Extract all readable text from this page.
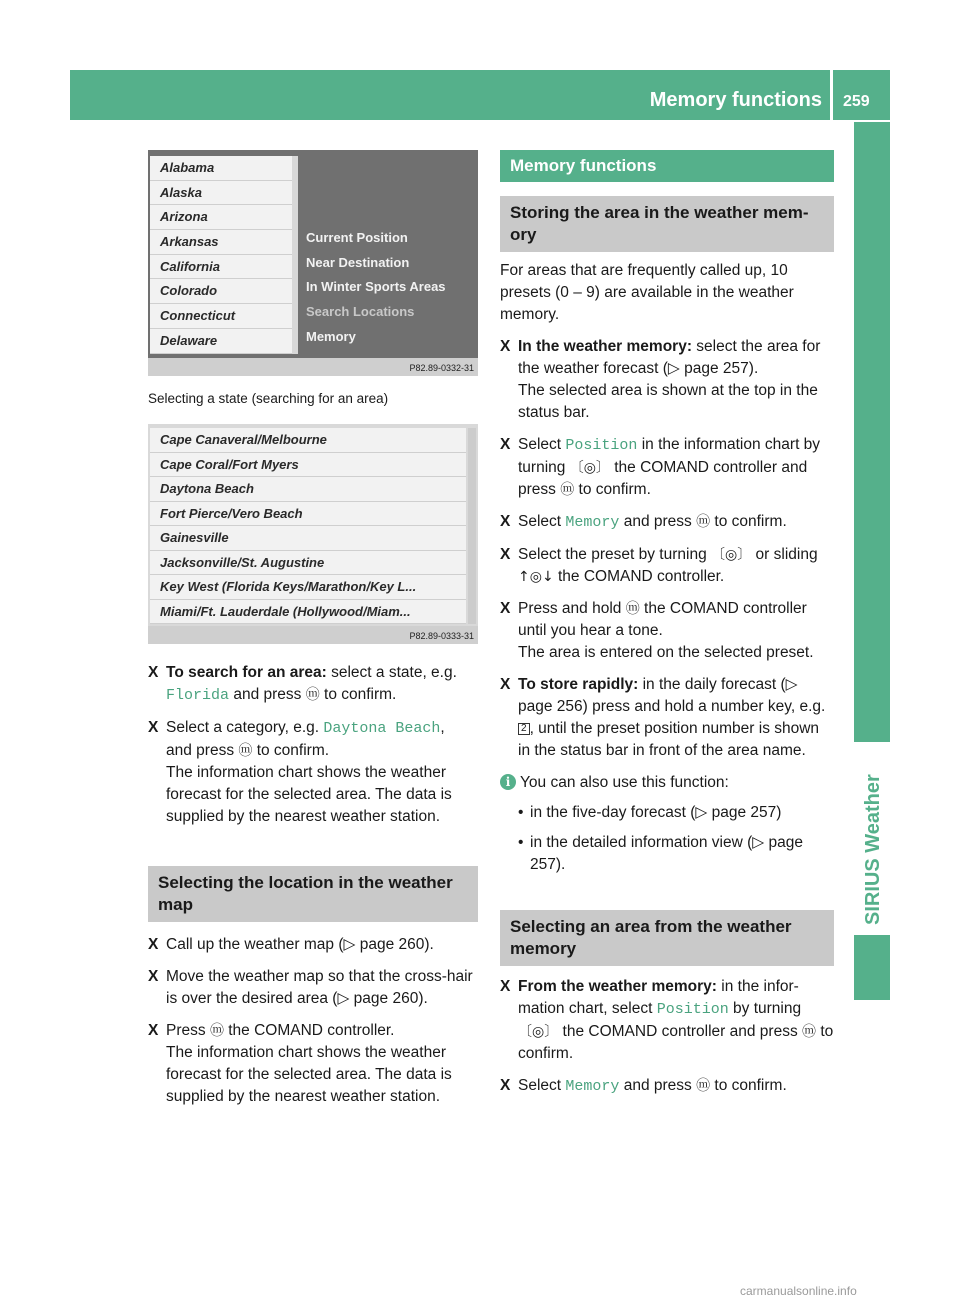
Memory functions 259
SIRIUS Weather
Alabama
Alaska
Arizona
Arkansas
California
Colorado
Connecticut
Delaware
Current Position
Near Destination
In Winter Sports Areas
Search Locations
Memory
P82.89-0332-31
Selecting a state (searching for an area)
Cape Canaveral/Melbourne
Cape Coral/Fort Myers
Daytona Beach
Fort Pierce/Vero Beach
Gainesville
Jacksonville/St. Augustine
Key West (Florida Keys/Marathon/Key L...
Miami/Ft. Lauderdale (Hollywood/Miam...
P82.89-0333-31
X To search for an area: select a state, e.g.
Florida and press ⓜ to confirm.
X Select a category, e.g. Daytona Beach,
and press ⓜ to confirm.
The information chart shows the weather forecast for the selected area. The data is supplied by the nearest weather station.
Selecting the location in the weather map
X Call up the weather map (▷ page 260).
X Move the weather map so that the cross-hair is over the desired area (▷ page 260).
X Press ⓜ the COMAND controller.
The information chart shows the weather forecast for the selected area. The data is supplied by the nearest weather station.
Memory functions
Storing the area in the weather mem-ory
For areas that are frequently called up, 10 presets (0 – 9) are available in the weather memory.
X In the weather memory: select the area for the weather forecast (▷ page 257).
The selected area is shown at the top in the status bar.
X Select Position in the information chart by turning 〔◎〕 the COMAND controller and press ⓜ to confirm.
X Select Memory and press ⓜ to confirm.
X Select the preset by turning 〔◎〕 or sliding ↑◎↓ the COMAND controller.
X Press and hold ⓜ the COMAND controller until you hear a tone.
The area is entered on the selected preset.
X To store rapidly: in the daily forecast (▷ page 256) press and hold a number key, e.g. 2 , until the preset position number is shown in the status bar in front of the area name.
i You can also use this function:
• in the five-day forecast (▷ page 257)
• in the detailed information view (▷ page 257).
Selecting an area from the weather memory
X From the weather memory: in the infor-mation chart, select Position by turning 〔◎〕 the COMAND controller and press ⓜ to confirm.
X Select Memory and press ⓜ to confirm.
carmanualsonline.info
